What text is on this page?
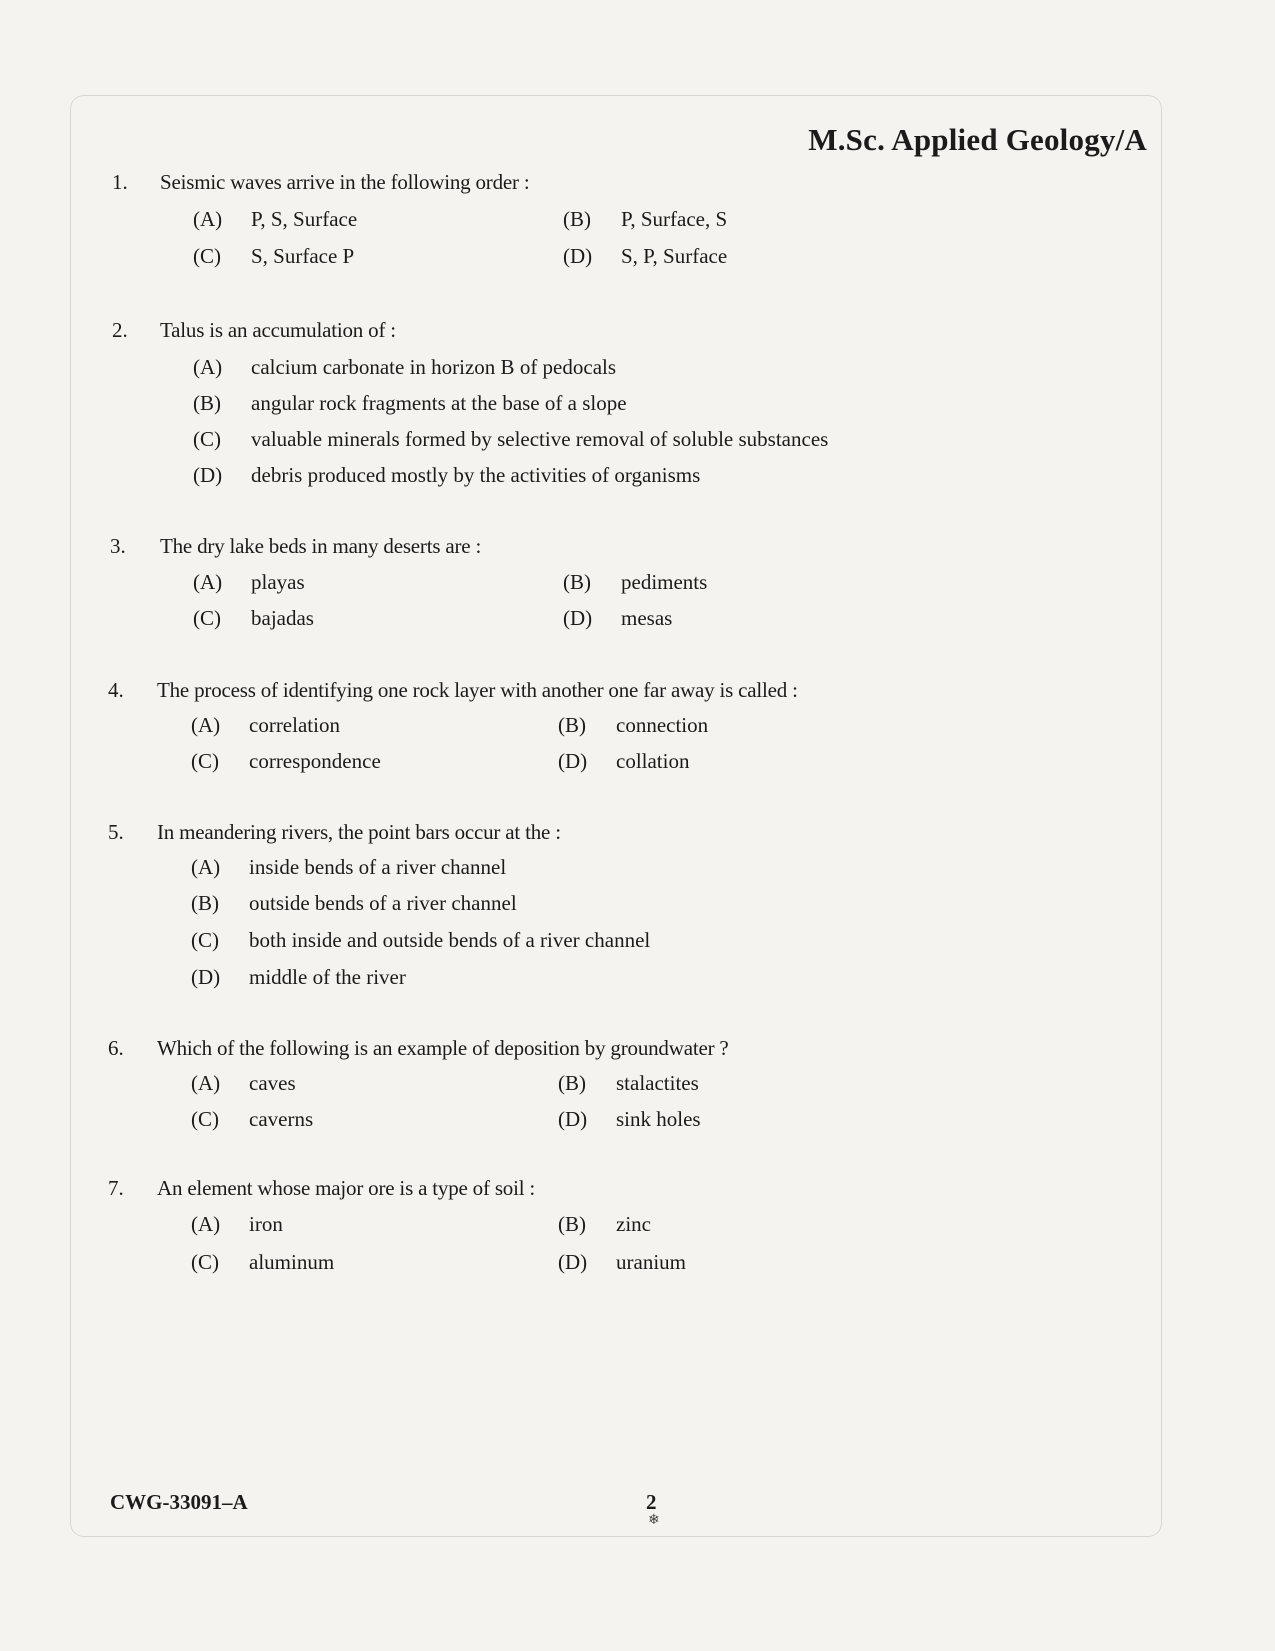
M.Sc. Applied Geology/A
1. Seismic waves arrive in the following order :
(A) P, S, Surface	(B) P, Surface, S
(C) S, Surface P	(D) S, P, Surface
2. Talus is an accumulation of :
(A) calcium carbonate in horizon B of pedocals
(B) angular rock fragments at the base of a slope
(C) valuable minerals formed by selective removal of soluble substances
(D) debris produced mostly by the activities of organisms
3. The dry lake beds in many deserts are :
(A) playas	(B) pediments
(C) bajadas	(D) mesas
4. The process of identifying one rock layer with another one far away is called :
(A) correlation	(B) connection
(C) correspondence	(D) collation
5. In meandering rivers, the point bars occur at the :
(A) inside bends of a river channel
(B) outside bends of a river channel
(C) both inside and outside bends of a river channel
(D) middle of the river
6. Which of the following is an example of deposition by groundwater ?
(A) caves	(B) stalactites
(C) caverns	(D) sink holes
7. An element whose major ore is a type of soil :
(A) iron	(B) zinc
(C) aluminum	(D) uranium
CWG-33091–A	2
❄
